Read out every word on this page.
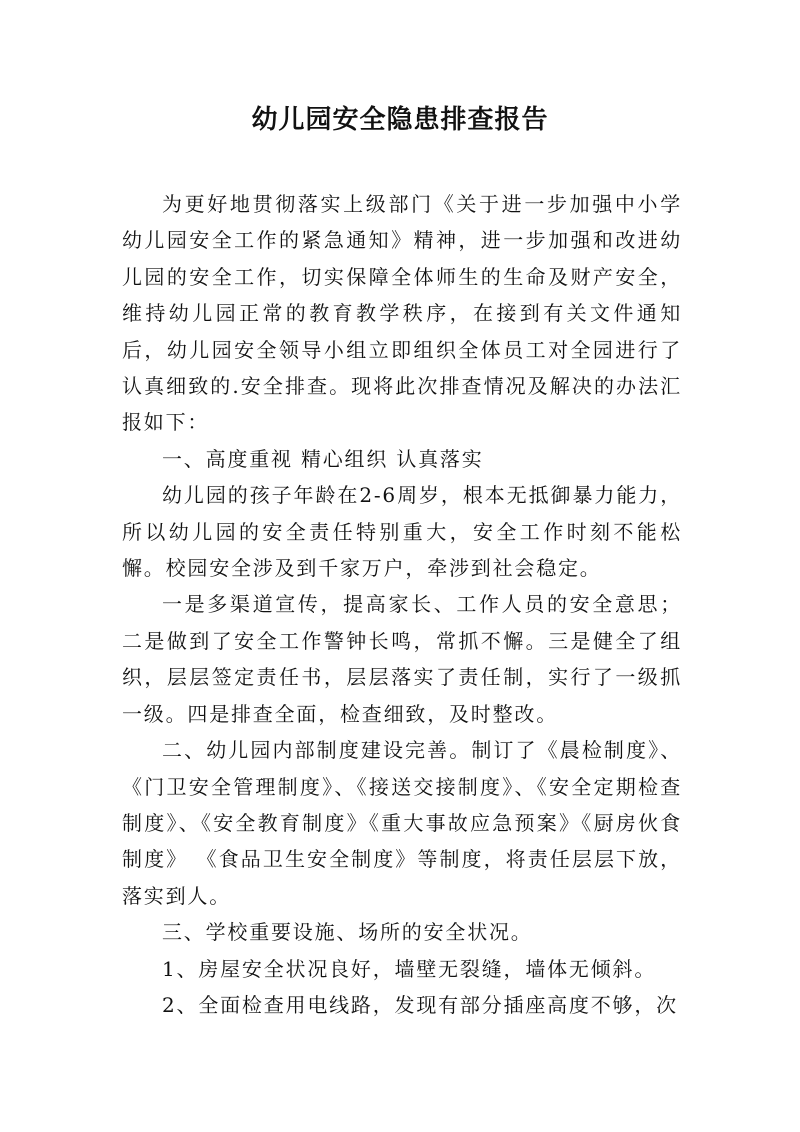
幼儿园安全隐患排查报告

为更好地贯彻落实上级部门《关于进一步加强中小学幼儿园安全工作的紧急通知》精神，进一步加强和改进幼儿园的安全工作，切实保障全体师生的生命及财产安全，维持幼儿园正常的教育教学秩序，在接到有关文件通知后，幼儿园安全领导小组立即组织全体员工对全园进行了认真细致的.安全排查。现将此次排查情况及解决的办法汇报如下：

一、高度重视 精心组织 认真落实

幼儿园的孩子年龄在2-6周岁，根本无抵御暴力能力，所以幼儿园的安全责任特别重大，安全工作时刻不能松懈。校园安全涉及到千家万户，牵涉到社会稳定。

一是多渠道宣传，提高家长、工作人员的安全意思；二是做到了安全工作警钟长鸣，常抓不懈。三是健全了组织，层层签定责任书，层层落实了责任制，实行了一级抓一级。四是排查全面，检查细致，及时整改。

二、幼儿园内部制度建设完善。制订了《晨检制度》、《门卫安全管理制度》、《接送交接制度》、《安全定期检查制度》、《安全教育制度》《重大事故应急预案》《厨房伙食制度》 《食品卫生安全制度》等制度，将责任层层下放，落实到人。

三、学校重要设施、场所的安全状况。

1、房屋安全状况良好，墙壁无裂缝，墙体无倾斜。

2、全面检查用电线路，发现有部分插座高度不够，次
